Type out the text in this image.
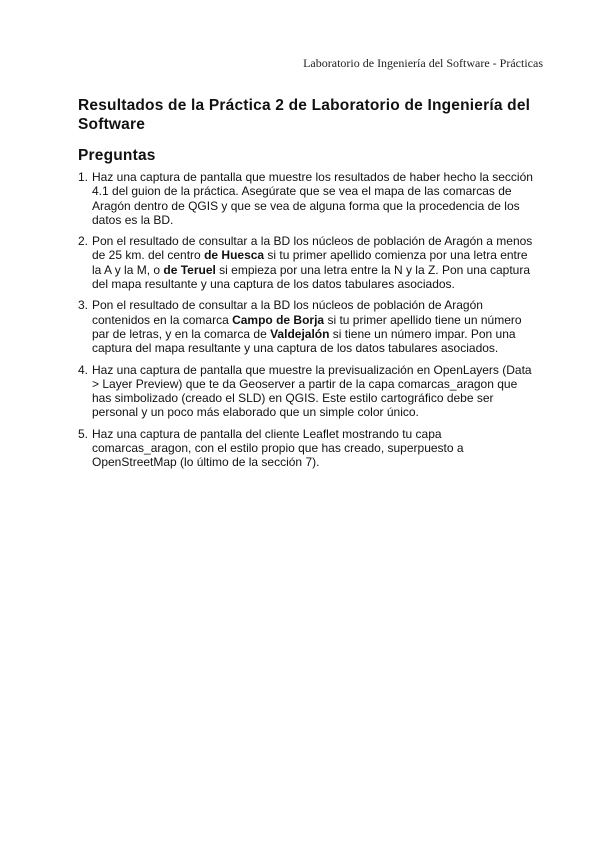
Laboratorio de Ingeniería del Software - Prácticas
Resultados de la Práctica 2 de Laboratorio de Ingeniería del Software
Preguntas
1. Haz una captura de pantalla que muestre los resultados de haber hecho la sección 4.1 del guion de la práctica. Asegúrate que se vea el mapa de las comarcas de Aragón dentro de QGIS y que se vea de alguna forma que la procedencia de los datos es la BD.
2. Pon el resultado de consultar a la BD los núcleos de población de Aragón a menos de 25 km. del centro de Huesca si tu primer apellido comienza por una letra entre la A y la M, o de Teruel si empieza por una letra entre la N y la Z. Pon una captura del mapa resultante y una captura de los datos tabulares asociados.
3. Pon el resultado de consultar a la BD los núcleos de población de Aragón contenidos en la comarca Campo de Borja si tu primer apellido tiene un número par de letras, y en la comarca de Valdejalón si tiene un número impar. Pon una captura del mapa resultante y una captura de los datos tabulares asociados.
4. Haz una captura de pantalla que muestre la previsualización en OpenLayers (Data > Layer Preview) que te da Geoserver a partir de la capa comarcas_aragon que has simbolizado (creado el SLD) en QGIS. Este estilo cartográfico debe ser personal y un poco más elaborado que un simple color único.
5. Haz una captura de pantalla del cliente Leaflet mostrando tu capa comarcas_aragon, con el estilo propio que has creado, superpuesto a OpenStreetMap (lo último de la sección 7).
